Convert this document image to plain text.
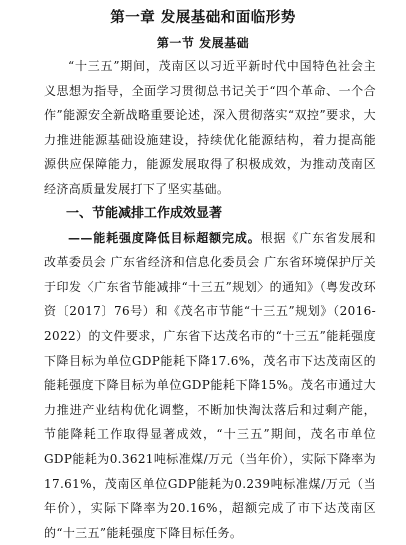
第一章 发展基础和面临形势
第一节 发展基础

“十三五”期间，茂南区以习近平新时代中国特色社会主义思想为指导，全面学习贯彻总书记关于“四个革命、一个合作”能源安全新战略重要论述，深入贯彻落实“双控”要求，大力推进能源基础设施建设，持续优化能源结构，着力提高能源供应保障能力，能源发展取得了积极成效，为推动茂南区经济高质量发展打下了坚实基础。

一、节能减排工作成效显著

——能耗强度降低目标超额完成。根据《广东省发展和改革委员会 广东省经济和信息化委员会 广东省环境保护厅关于印发〈广东省节能减排“十三五”规划〉的通知》（粤发改环资〔2017〕76号）和《茂名市节能“十三五”规划》（2016-2022）的文件要求，广东省下达茂名市的“十三五”能耗强度下降目标为单位GDP能耗下降17.6%，茂名市下达茂南区的能耗强度下降目标为单位GDP能耗下降15%。茂名市通过大力推进产业结构优化调整，不断加快淘汰落后和过剩产能，节能降耗工作取得显著成效，“十三五”期间，茂名市单位GDP能耗为0.3621吨标准煤/万元（当年价），实际下降率为17.61%，茂南区单位GDP能耗为0.239吨标准煤/万元（当年价），实际下降率为20.16%，超额完成了市下达茂南区的“十三五”能耗强度下降目标任务。
